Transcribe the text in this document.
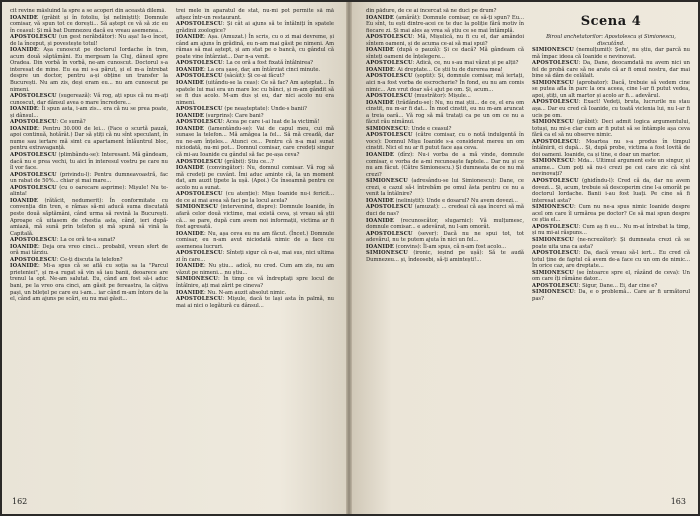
cit revine măsluind la spre a se acoperi din această dilemă.

IOANIDE (grăbit și în fotoliu, își neliniștit): Domnule comisar, vă spun tot ce dorești... Să aștept ce vă să zic eu în ceasul: Și mă bat Dumnezeu dacă eu vreau asemenea...

APOSTOLESCU (un gest nerăbdător): Nu așa! Ia-o încet, de la început, și povestește totul!

IOANIDE: Așa cunoscut pe doctorul Iordache în tren, acum două săptămâni. Eu mergeam la Cluj, dânsul spre Oradea. Din vorbă în vorbă, ne-am cunoscut. Doctorul s-a interesat de mine. Eu ea mi s-a părut, și el m-a întrebat despre un doctor, pentru a-și obține un transfer la București. Nu am zis, deși eram eu... nu am cunoscut pe nimeni.

APOSTOLESCU (sugerează): Vă rog, ați spus că nu m-ați cunoscut, dar dânsul avea o mare încredere...

IOANIDE: Îi spun asta, i-am zis... era că nu se prea poate, și dânsul...

APOSTOLESCU: Ce sumă?

IOANIDE: Pentru 30.000 de lei... (Face o scurtă pauză, apoi continuă, hotărât.) Dar să știți că nu sînt speculant, în nume sau iertare mă simt cu apartament înlăuntrul bloc, pentru extravaganță.

APOSTOLESCU (plimbându-se): Interesant. Mă gândeam, dacă nu e prea vechi, tu aici în interesul vostru pe care nu îl vor face.

APOSTOLESCU (privindu-l): Pentru dumneavoastră, fac un rabat de 50%... chiar și mai mare...

APOSTOLESCU (cu o oarecare asprime): Mișule! Nu te-alinta!

IOANIDE (rătăcit, nedumerit): În conformitate cu convenția din tren, e rămas să-mi aducă suma discutată peste două săptămâni, când urma să revină la București. Aproape că uitasem de chestia asta, când, ieri după-amiază, mă sună prin telefon și mă spună să vină la Capitală.

APOSTOLESCU: La ce oră te-a sunat?

IOANIDE: Deja ora vreo cinci... probabil, vreun sfert de oră mai târziu.

APOSTOLESCU: Ce-ți discuta la telefon?

IOANIDE: Mi-a spus că se află cu soția sa la "Parcul prieteniei", și m-a rugat să vin să iau banii, deoarece are trenul la opt. Ne-am salutat. Eu, când am fost să-i aduc bani, pe la vreo ora cinci, am găsit pe fereastra, la câțiva pași, un bilețel pe care eu i-am... iar când m-am întors de la el, când am ajuns pe scări, eu nu mai găsit...

trei mele în aparatul de stat, nu-mi pot permite să mă afișez într-un restaurant.

APOSTOLESCU: Și cât ai ajuns să te întâlniți în spatele grădinii zoologice?

IOANIDE: Așa. (Amuzat.) În scris, cu o zi mai devreme, și când am ajuns în grădină, eu n-am mai găsit pe nimeni. Am rămas să mai aștept, și am stat pe o bancă, cu gândul că poate vine întârziat... Dar n-a venit.

APOSTOLESCU: La ce oră a fost fixată întâlnirea?

IOANIDE: La ora șase, dar, am întârziat cinci minute.

APOSTOLESCU (sâcâit): Și ce-ai făcut?

IOANIDE (uitându-se la ceas): Ce să fac? Am așteptat... În spatele lui mai era un mare loc cu bănci, și m-am gândit să se fi dus acolo. M-am dus și eu, dar nici acolo nu era nimeni.

APOSTOLESCU (pe neașteptate): Unde-s banii?

IOANIDE (surprins): Care bani?

APOSTOLESCU: Acea pe care i-ai luat de la victimă!

IOANIDE (lamentându-se): Vai de capul meu, cui mă sunase la telefon... Mă amăgea la fel... Să mă creadă, dar nu ne-am înțeles... Atunci ce... Pentru că n-a mai sunat niciodată, nu-mi pot... Domnul comisar, care credeți singur că mi-au Ioanide cu gândul să fac pe-așa ceva?

APOSTOLESCU (grăbit): Știu ce...?

IOANIDE (convingător): Nu, domnul comisar. Vă rog să mă credeți pe cuvânt. Îmi aduc aminte că, la un moment dat, am auzit țipete la ușă. (Apoi.) Ce înseamnă pentru ce acolo nu a sunat.

APOSTOLESCU (cu atenție): Mișu Ioanide nu-i fericit... de ce ai mai avea să faci pe la locul acela?

SIMIONESCU (intervenind, dispre): Domnule Ioanide, în afară celor două victime, mai există ceva, și vreau să știi că... se pare, după cum avem noi informații, victima ar fi fost agresată.

IOANIDE: Nu, așa ceva eu nu am făcut. (Încet.) Domnule comisar, eu n-am avut niciodată nimic de a face cu asemenea lucruri.

APOSTOLESCU: Sînteți sigur că n-ai, mai sus, nici ultima zi în care...

IOANIDE: Nu știu... adică, nu cred. Cum am zis, nu am văzut pe nimeni... nu știu...

SIMIONESCU: În timp ce vă îndreptați spre locul de întâlnire, ați mai zărit pe cineva?

IOANIDE: Nu. N-am auzit absolut nimic.

APOSTOLESCU: Mișule, dacă te lași asta în palmă, nu mai ai nici o legătură cu dânsul...

162

din pădure, de ce ai încercat să ne duci pe drum?

IOANIDE (amărât): Domnule comisar, ce să-ți spun? Eu... Eu sînt, tu ești dintre-acei ce te duc la poliție fără motiv în fiecare zi. Și mai ales aș vrea să știu ce se mai întâmplă.

APOSTOLESCU: Mă, Mișulică, nu fi cu el, dar amândoi sîntem oameni, și de acuma ce-ai să mai spui?

IOANIDE (după o pauză): Și ce dacă? Mă gândeam că sînteți oameni de înțelegere...

APOSTOLESCU: Adică, ce, nu s-au mai văzut și pe alții?

IOANIDE: Ai dreptate... Ce știi tu de durerea mea!

APOSTOLESCU (șoptit): Și, domnule comisar, mă iertați, aici n-a fost vorba de escrocherie? În fond, eu nu am comis nimic... Am vrut doar să-i ajut pe om. Și, acum...

APOSTOLESCU (mustrător): Mișule...

IOANIDE (trădându-se): Nu, nu mai știi... de ce, el era om cinstit, nu m-ar fi dat... În mod cinstit, eu nu m-am aruncat a treia oară... Vă rog să mă tratați ca pe un om ce nu a făcut rău nimănui.

SIMIONESCU: Unde e ceasul?

APOSTOLESCU (către comisar, cu o notă indulgentă în voce): Domnul Mișu Ioanide s-a considerat mereu un om cinstit. Nici el nu ar fi putut face așa ceva.

IOANIDE (dîrz): Nu-i vorba de a mă vinde, domnule comisar, e vorba de a-mi recunoaște faptele... Dar nu și ce nu am făcut. (Către Simionescu.) Și dumneata de ce nu mă crezi?

SIMIONESCU (adresându-se lui Simionescu): Dane, ce crezi, e cazul să-i întrebăm pe omul ăsta pentru ce nu a venit la întâlnire?

IOANIDE (neliniștit): Unde e dosarul? Nu avem dovezi...

APOSTOLESCU (amuzat): ... credeai că așa încerci să mă duci de nas?

IOANIDE (recunoscător, slugarnic): Vă mulțumesc, domnule comisar... e adevărat, nu l-am omorât.

APOSTOLESCU (sever): Dacă nu ne spui tot, tot adevărul, nu te putem ajuta în nici un fel...

IOANIDE (convins): Îl-am spus, că n-am fost acolo...

SIMIONESCU (ironic, ieșind pe ușă): Să te audă Dumnezeu... și, îndeosebi, să-ți amintești!...

Scena 4

Biroul anchetatorilor: Apostolescu și Simionescu, discutând.

SIMIONESCU (nemulțumit): Șefu', nu știu, dar parcă nu mă împac ideea că Ioanide e nevinovat.

APOSTOLESCU: Da, Dane, deocamdată nu avem nici un fel de probă care să ne arate că ar fi omul nostru, dar mai bine să dăm de celălalt.

SIMIONESCU (aprobator): Dacă, trebuie să vedem cine se putea afla în parc la ora aceea, cine l-ar fi putut vedea, apoi, știți, un alt martor și acolo ar fi... adevărul.

APOSTOLESCU: Exact! Vedeți, bruta, lucrurile nu stau așa... Dar eu cred că Ioanide, cu toată viclenia lui, nu l-ar fi ucis pe om.

SIMIONESCU (grăbit): Deci admit logica argumentului, totuși, nu mi-e clar cum ar fi putut să se întâmple așa ceva fără ca el să nu observe nimic.

APOSTOLESCU: Moartea nu s-a produs în timpul întâlnirii, ci după... Și, după probe, victima a fost lovită de doi oameni. Ioanide, ca și tine, e doar un martor.

SIMIONESCU: Mda... Ultimul argument este un singur, și anume... Cum poți să nu-i crezi pe cei care zic că sînt nevinovați?

APOSTOLESCU (ghidîndu-l): Cred că da, dar nu avem dovezi... Și, acum, trebuie să descoperim cine l-a omorât pe doctorul Iordache. Banii i-au fost luați. Pe cine să fi interesat asta?

SIMIONESCU: Cum nu ne-a spus nimic Ioanide despre acel om care îl urmărea pe doctor? Ce să mai spun despre ce știa el...

APOSTOLESCU: Cum aș fi eu... Nu m-ai întrebat la timp, și nu mi-ai răspuns...

SIMIONESCU (ne-ncrezător): Și dumneata crezi că se poate uita una ca asta?

APOSTOLESCU: Da, dacă vreau să-l iert... Eu cred că totul ține de faptul că avem de-a face cu un om de nimic... În orice caz, are dreptate...

SIMIONESCU (se întoarce spre el, râzând de ceva): Un om care îți rămâne dator...

APOSTOLESCU: Sigur, Dane... Ei, dar cine e?

SIMIONESCU: Da, e o problemă... Care ar fi următorul pas?

163
